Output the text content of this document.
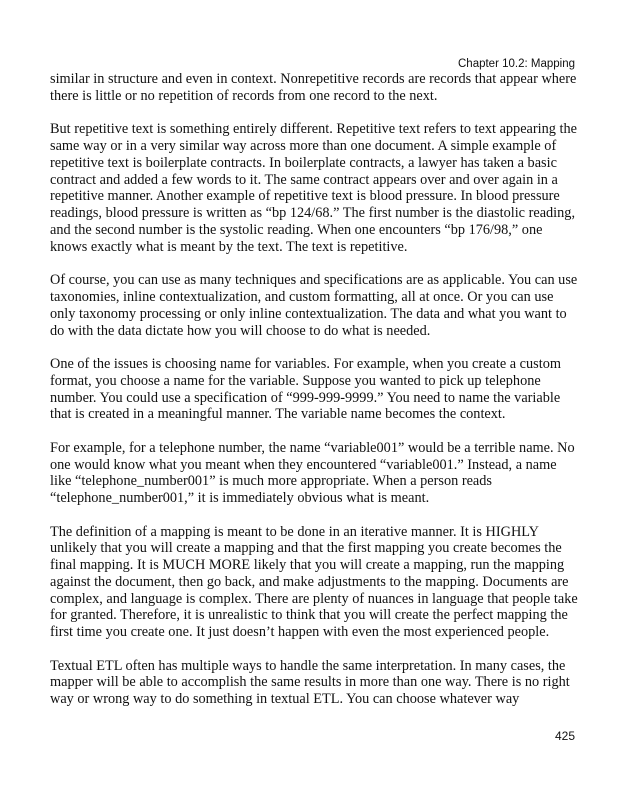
Chapter 10.2: Mapping

similar in structure and even in context. Nonrepetitive records are records that appear where there is little or no repetition of records from one record to the next.

But repetitive text is something entirely different. Repetitive text refers to text appearing the same way or in a very similar way across more than one document. A simple example of repetitive text is boilerplate contracts. In boilerplate contracts, a lawyer has taken a basic contract and added a few words to it. The same contract appears over and over again in a repetitive manner. Another example of repetitive text is blood pressure. In blood pressure readings, blood pressure is written as “bp 124/68.” The first number is the diastolic reading, and the second number is the systolic reading. When one encounters “bp 176/98,” one knows exactly what is meant by the text. The text is repetitive.

Of course, you can use as many techniques and specifications are as applicable. You can use taxonomies, inline contextualization, and custom formatting, all at once. Or you can use only taxonomy processing or only inline contextualization. The data and what you want to do with the data dictate how you will choose to do what is needed.

One of the issues is choosing name for variables. For example, when you create a custom format, you choose a name for the variable. Suppose you wanted to pick up telephone number. You could use a specification of “999-999-9999.” You need to name the variable that is created in a meaningful manner. The variable name becomes the context.

For example, for a telephone number, the name “variable001” would be a terrible name. No one would know what you meant when they encountered “variable001.” Instead, a name like “telephone_number001” is much more appropriate. When a person reads “telephone_number001,” it is immediately obvious what is meant.

The definition of a mapping is meant to be done in an iterative manner. It is HIGHLY unlikely that you will create a mapping and that the first mapping you create becomes the final mapping. It is MUCH MORE likely that you will create a mapping, run the mapping against the document, then go back, and make adjustments to the mapping. Documents are complex, and language is complex. There are plenty of nuances in language that people take for granted. Therefore, it is unrealistic to think that you will create the perfect mapping the first time you create one. It just doesn’t happen with even the most experienced people.

Textual ETL often has multiple ways to handle the same interpretation. In many cases, the mapper will be able to accomplish the same results in more than one way. There is no right way or wrong way to do something in textual ETL. You can choose whatever way

425
